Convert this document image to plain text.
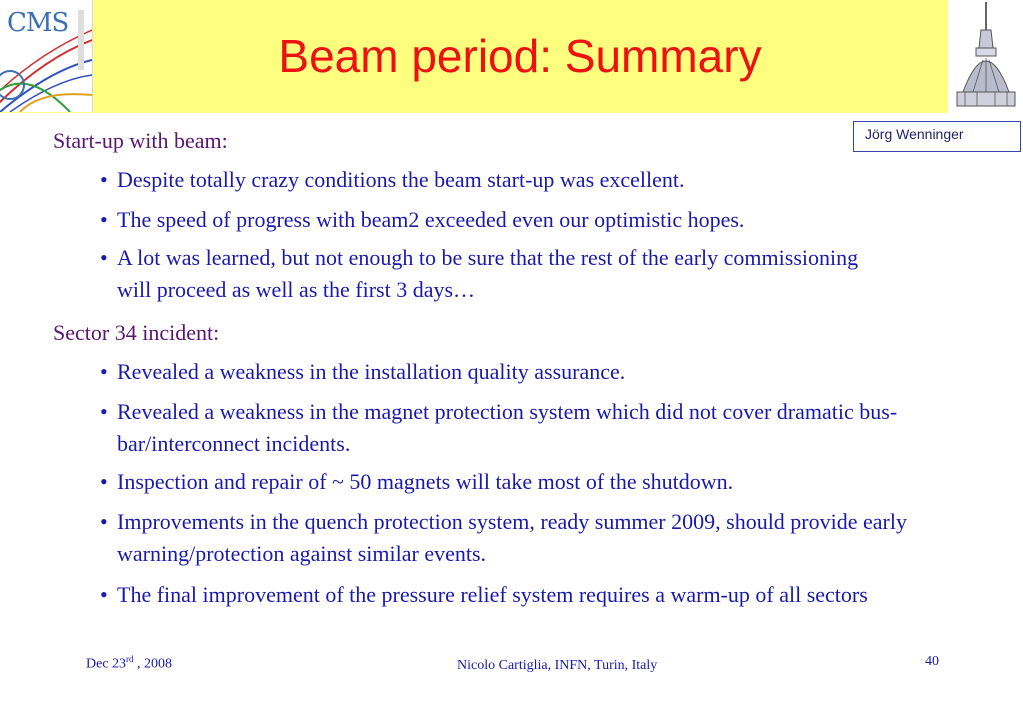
CMS
Beam period: Summary
Jörg Wenninger
Start-up with beam:
• Despite totally crazy conditions the beam start-up was excellent.
• The speed of progress with beam2 exceeded even our optimistic hopes.
• A lot was learned, but not enough to be sure that the rest of the early commissioning will proceed as well as the first 3 days…
Sector 34 incident:
• Revealed a weakness in the installation quality assurance.
• Revealed a weakness in the magnet protection system which did not cover dramatic bus-bar/interconnect incidents.
• Inspection and repair of ~ 50 magnets will take most of the shutdown.
• Improvements in the quench protection system, ready summer 2009, should provide early warning/protection against similar events.
• The final improvement of the pressure relief system requires a warm-up of all sectors
Dec 23rd , 2008	Nicolo Cartiglia, INFN, Turin, Italy	40
